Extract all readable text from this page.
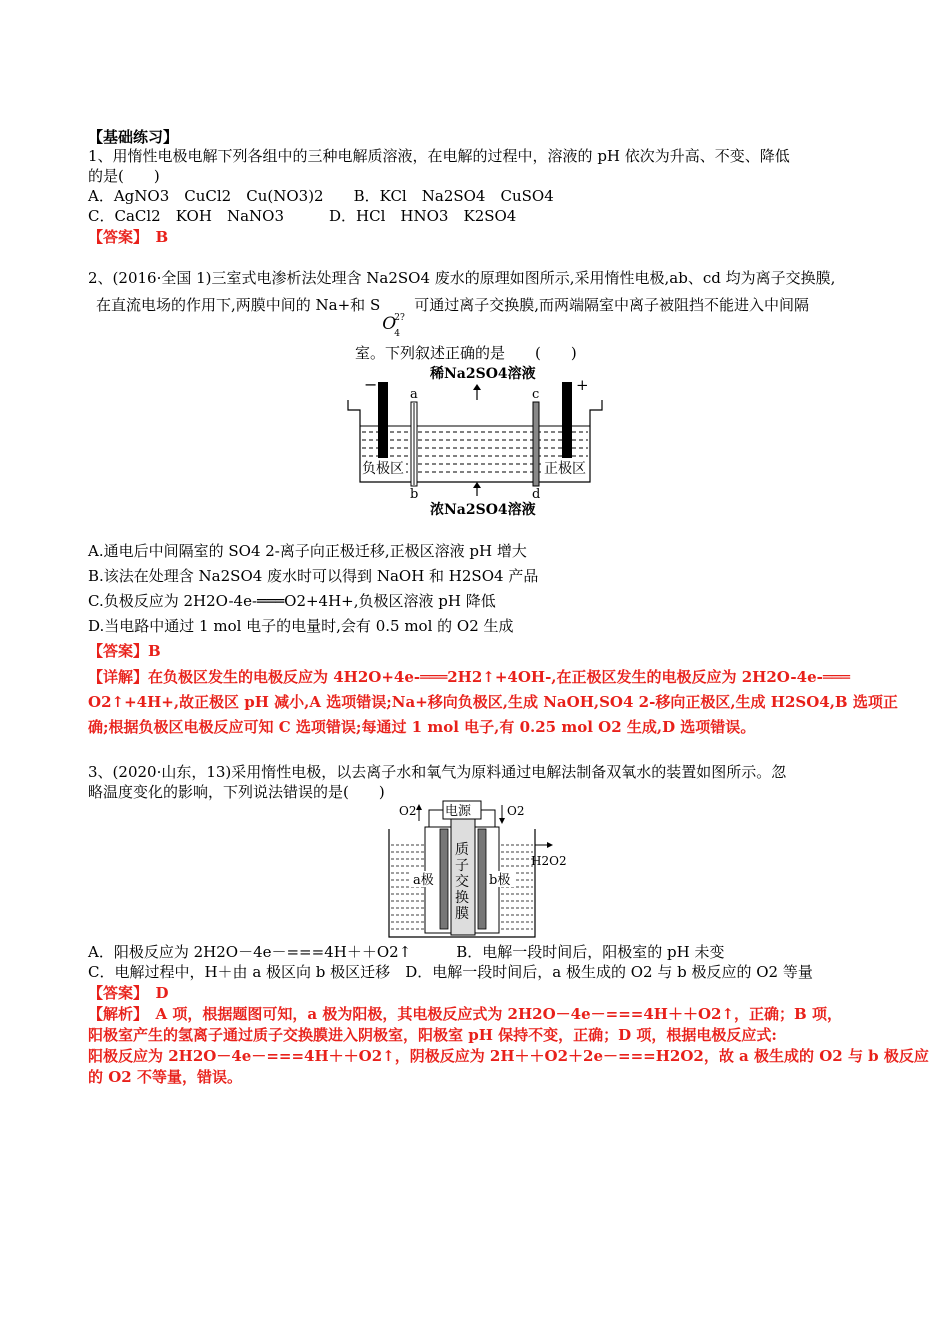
【基础练习】
1、用惰性电极电解下列各组中的三种电解质溶液，在电解的过程中，溶液的 pH 依次为升高、不变、降低
的是(　　)
A．AgNO3　 CuCl2　 Cu(NO3)2　　 B．KCl　 Na2SO4　 CuSO4
C．CaCl2　 KOH　 NaNO3　　　	D．HCl　 HNO3　 K2SO4
【答案】　 B
2、(2016·全国 1)三室式电渗析法处理含 Na2SO4 废水的原理如图所示,采用惰性电极,ab、cd 均为离子交换膜,
在直流电场的作用下,两膜中间的 Na+和 S
O
2?
4
可通过离子交换膜,而两端隔室中离子被阻挡不能进入中间隔
室。下列叙述正确的是　　(　　)
稀Na2SO4溶液
−	+
a
b
c
d
负极区	正极区
浓Na2SO4溶液
A.通电后中间隔室的 SO4 2-离子向正极迁移,正极区溶液 pH 增大
B.该法在处理含 Na2SO4 废水时可以得到 NaOH 和 H2SO4 产品
C.负极反应为 2H2O-4e-═══O2+4H+,负极区溶液 pH 降低
D.当电路中通过 1 mol 电子的电量时,会有 0.5 mol 的 O2 生成
【答案】B
【详解】在负极区发生的电极反应为 4H2O+4e-═══2H2↑+4OH-,在正极区发生的电极反应为 2H2O-4e-═══
O2↑+4H+,故正极区 pH 减小,A 选项错误;Na+移向负极区,生成 NaOH,SO4 2-移向正极区,生成 H2SO4,B 选项正
确;根据负极区电极反应可知 C 选项错误;每通过 1 mol 电子,有 0.25 mol O2 生成,D 选项错误。
3、(2020·山东，13)采用惰性电极，以去离子水和氧气为原料通过电解法制备双氧水的装置如图所示。忽
略温度变化的影响，下列说法错误的是(　　)
电源
O2	O2
质
子
交
换
膜
a极	b极
H2O2
A．阳极反应为 2H2O－4e－===4H＋＋O2↑　　　	B．电解一段时间后，阳极室的 pH 未变
C．电解过程中，H＋由 a 极区向 b 极区迁移　 D．电解一段时间后，a 极生成的 O2 与 b 极反应的 O2 等量
【答案】　 D
【解析】　 A 项，根据题图可知，a 极为阳极，其电极反应式为 2H2O－4e－===4H＋＋O2↑，正确；B 项，
阳极室产生的氢离子通过质子交换膜进入阴极室，阳极室 pH 保持不变，正确；D 项，根据电极反应式:
阳极反应为 2H2O－4e－===4H＋＋O2↑，阴极反应为 2H＋＋O2＋2e－===H2O2，故 a 极生成的 O2 与 b 极反应
的 O2 不等量，错误。
